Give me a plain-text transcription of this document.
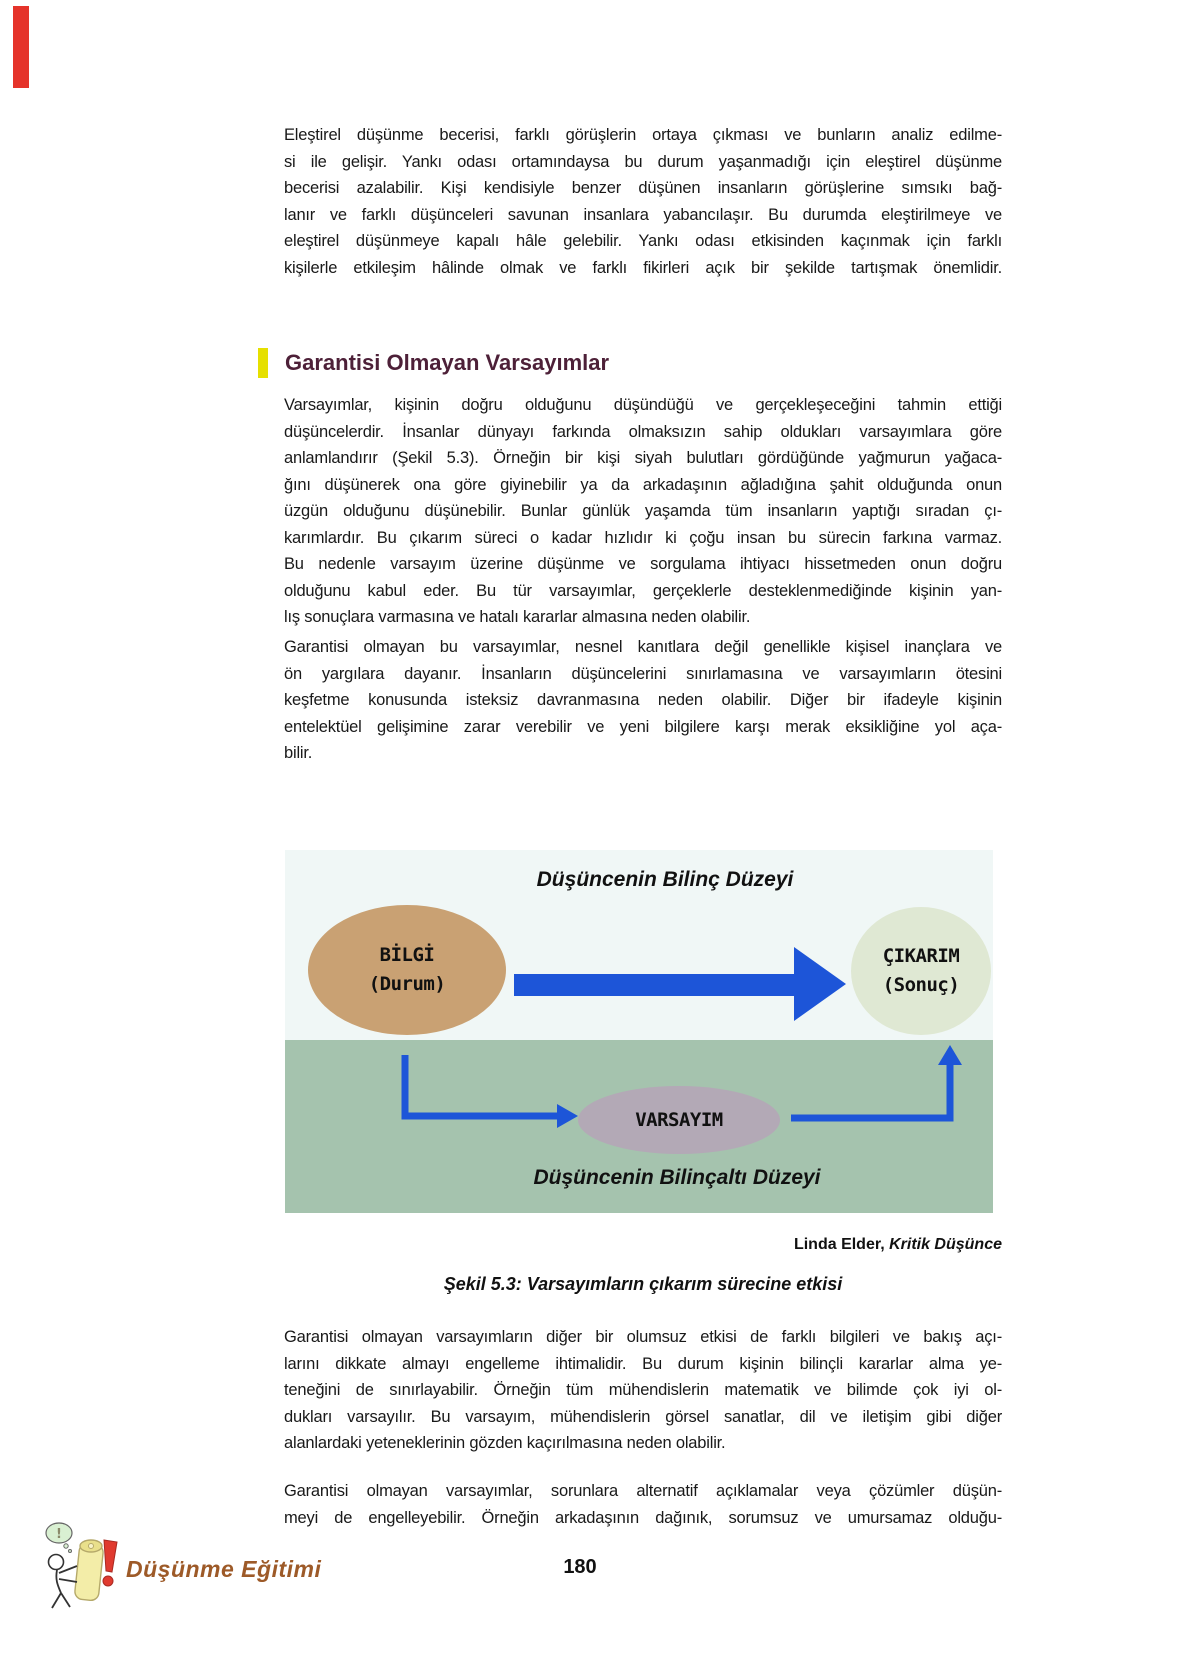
Eleştirel düşünme becerisi, farklı görüşlerin ortaya çıkması ve bunların analiz edilme-
si ile gelişir. Yankı odası ortamındaysa bu durum yaşanmadığı için eleştirel düşünme
becerisi azalabilir. Kişi kendisiyle benzer düşünen insanların görüşlerine sımsıkı bağ-
lanır ve farklı düşünceleri savunan insanlara yabancılaşır. Bu durumda eleştirilmeye ve
eleştirel düşünmeye kapalı hâle gelebilir. Yankı odası etkisinden kaçınmak için farklı
kişilerle etkileşim hâlinde olmak ve farklı fikirleri açık bir şekilde tartışmak önemlidir.

Garantisi Olmayan Varsayımlar

Varsayımlar, kişinin doğru olduğunu düşündüğü ve gerçekleşeceğini tahmin ettiği
düşüncelerdir. İnsanlar dünyayı farkında olmaksızın sahip oldukları varsayımlara göre
anlamlandırır (Şekil 5.3). Örneğin bir kişi siyah bulutları gördüğünde yağmurun yağaca-
ğını düşünerek ona göre giyinebilir ya da arkadaşının ağladığına şahit olduğunda onun
üzgün olduğunu düşünebilir. Bunlar günlük yaşamda tüm insanların yaptığı sıradan çı-
karımlardır. Bu çıkarım süreci o kadar hızlıdır ki çoğu insan bu sürecin farkına varmaz.
Bu nedenle varsayım üzerine düşünme ve sorgulama ihtiyacı hissetmeden onun doğru
olduğunu kabul eder. Bu tür varsayımlar, gerçeklerle desteklenmediğinde kişinin yan-
lış sonuçlara varmasına ve hatalı kararlar almasına neden olabilir.

Garantisi olmayan bu varsayımlar, nesnel kanıtlara değil genellikle kişisel inançlara ve
ön yargılara dayanır. İnsanların düşüncelerini sınırlamasına ve varsayımların ötesini
keşfetme konusunda isteksiz davranmasına neden olabilir. Diğer bir ifadeyle kişinin
entelektüel gelişimine zarar verebilir ve yeni bilgilere karşı merak eksikliğine yol aça-
bilir.

Düşüncenin Bilinç Düzeyi
Düşüncenin Bilinçaltı Düzeyi
BİLGİ
(Durum)
ÇIKARIM
(Sonuç)
VARSAYIM
Linda Elder, Kritik Düşünce
Şekil 5.3: Varsayımların çıkarım sürecine etkisi

Garantisi olmayan varsayımların diğer bir olumsuz etkisi de farklı bilgileri ve bakış açı-
larını dikkate almayı engelleme ihtimalidir. Bu durum kişinin bilinçli kararlar alma ye-
teneğini de sınırlayabilir. Örneğin tüm mühendislerin matematik ve bilimde çok iyi ol-
dukları varsayılır. Bu varsayım, mühendislerin görsel sanatlar, dil ve iletişim gibi diğer
alanlardaki yeteneklerinin gözden kaçırılmasına neden olabilir.

Garantisi olmayan varsayımlar, sorunlara alternatif açıklamalar veya çözümler düşün-
meyi de engelleyebilir. Örneğin arkadaşının dağınık, sorumsuz ve umursamaz olduğu-

!
Düşünme Eğitimi	180
